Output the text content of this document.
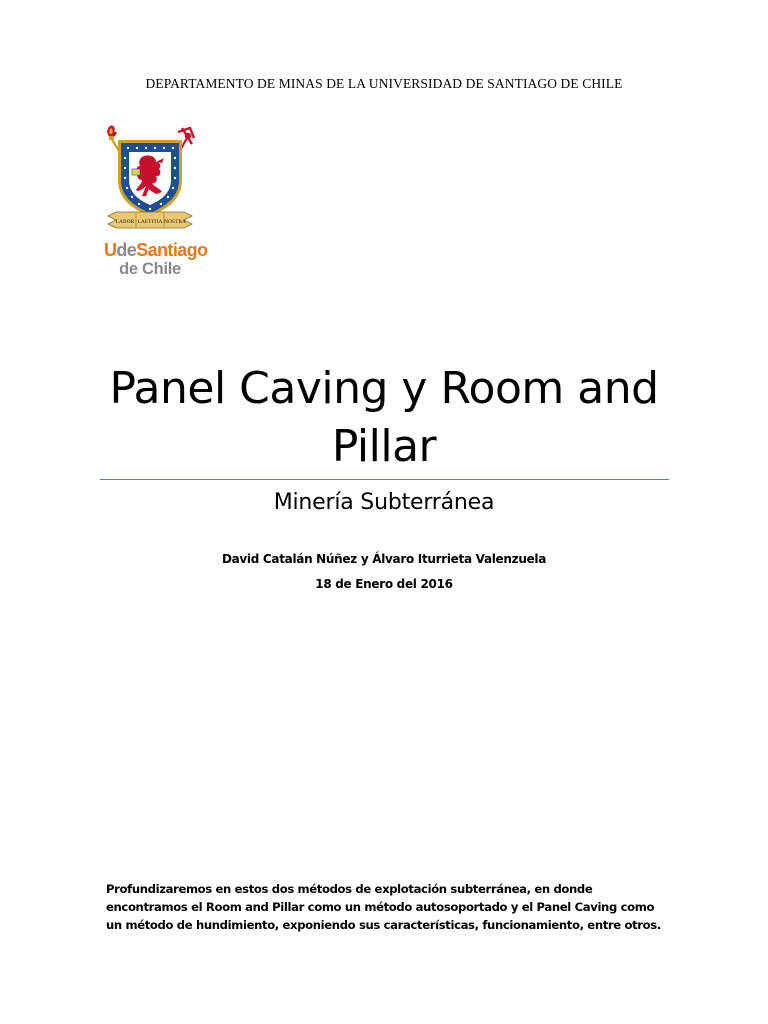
DEPARTAMENTO DE MINAS DE LA UNIVERSIDAD DE SANTIAGO DE CHILE
LABOR LAETITIA NOSTRA
UdeSantiago
de Chile
Panel Caving y Room and Pillar
Minería Subterránea
David Catalán Núñez y Álvaro Iturrieta Valenzuela
18 de Enero del 2016

Profundizaremos en estos dos métodos de explotación subterránea, en donde encontramos el Room and Pillar como un método autosoportado y el Panel Caving como un método de hundimiento, exponiendo sus características, funcionamiento, entre otros.
